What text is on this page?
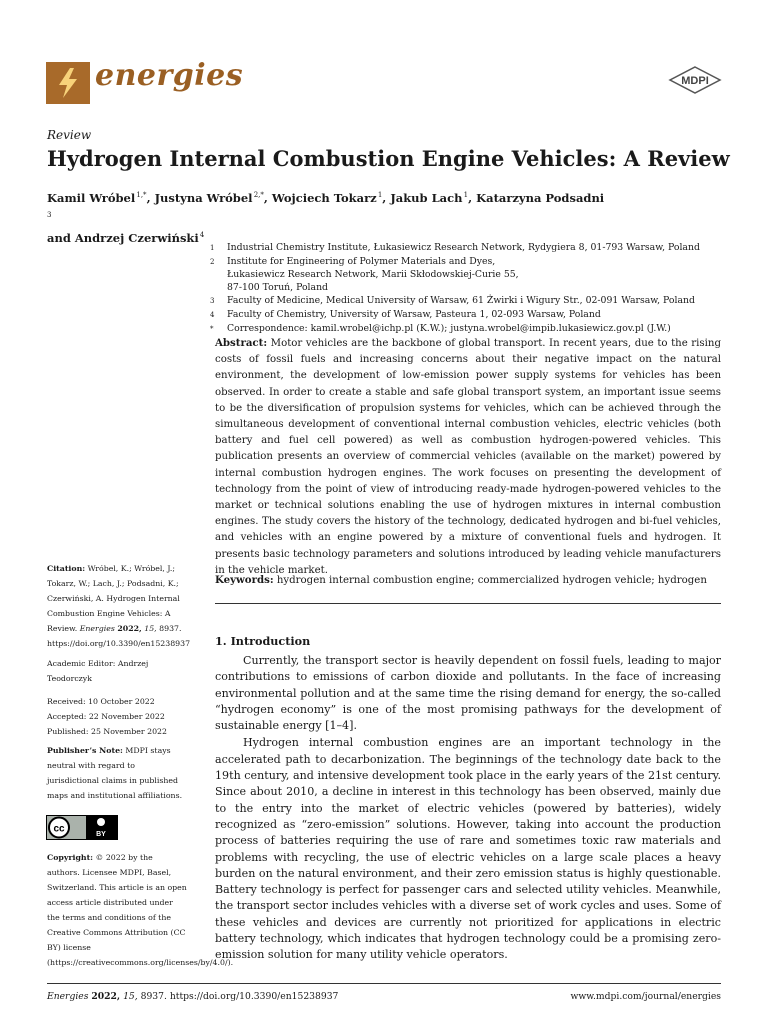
energies	MDPI
Review
Hydrogen Internal Combustion Engine Vehicles: A Review
Kamil Wróbel $^{1,*}$, Justyna Wróbel $^{2,*}$, Wojciech Tokarz $^1$, Jakub Lach $^1$, Katarzyna Podsadni $^3$
and Andrzej Czerwiński $^4$
1	Industrial Chemistry Institute, Łukasiewicz Research Network, Rydygiera 8, 01-793 Warsaw, Poland
2	Institute for Engineering of Polymer Materials and Dyes, Łukasiewicz Research Network, Marii Skłodowskiej-Curie 55, 87-100 Toruń, Poland
3	Faculty of Medicine, Medical University of Warsaw, 61 Żwirki i Wigury Str., 02-091 Warsaw, Poland
4	Faculty of Chemistry, University of Warsaw, Pasteura 1, 02-093 Warsaw, Poland
*	Correspondence: kamil.wrobel@ichp.pl (K.W.); justyna.wrobel@impib.lukasiewicz.gov.pl (J.W.)
Abstract: Motor vehicles are the backbone of global transport. In recent years, due to the rising costs of fossil fuels and increasing concerns about their negative impact on the natural environment, the development of low-emission power supply systems for vehicles has been observed. In order to create a stable and safe global transport system, an important issue seems to be the diversification of propulsion systems for vehicles, which can be achieved through the simultaneous development of conventional internal combustion vehicles, electric vehicles (both battery and fuel cell powered) as well as combustion hydrogen-powered vehicles. This publication presents an overview of commercial vehicles (available on the market) powered by internal combustion hydrogen engines. The work focuses on presenting the development of technology from the point of view of introducing ready-made hydrogen-powered vehicles to the market or technical solutions enabling the use of hydrogen mixtures in internal combustion engines. The study covers the history of the technology, dedicated hydrogen and bi-fuel vehicles, and vehicles with an engine powered by a mixture of conventional fuels and hydrogen. It presents basic technology parameters and solutions introduced by leading vehicle manufacturers in the vehicle market.
Keywords: hydrogen internal combustion engine; commercialized hydrogen vehicle; hydrogen
1. Introduction

Currently, the transport sector is heavily dependent on fossil fuels, leading to major contributions to emissions of carbon dioxide and pollutants. In the face of increasing environmental pollution and at the same time the rising demand for energy, the so-called “hydrogen economy” is one of the most promising pathways for the development of sustainable energy [1–4].

Hydrogen internal combustion engines are an important technology in the accelerated path to decarbonization. The beginnings of the technology date back to the 19th century, and intensive development took place in the early years of the 21st century. Since about 2010, a decline in interest in this technology has been observed, mainly due to the entry into the market of electric vehicles (powered by batteries), widely recognized as “zero-emission” solutions. However, taking into account the production process of batteries requiring the use of rare and sometimes toxic raw materials and problems with recycling, the use of electric vehicles on a large scale places a heavy burden on the natural environment, and their zero emission status is highly questionable. Battery technology is perfect for passenger cars and selected utility vehicles. Meanwhile, the transport sector includes vehicles with a diverse set of work cycles and uses. Some of these vehicles and devices are currently not prioritized for applications in electric battery technology, which indicates that hydrogen technology could be a promising zero-emission solution for many utility vehicle operators.

Citation: Wróbel, K.; Wróbel, J.; Tokarz, W.; Lach, J.; Podsadni, K.; Czerwiński, A. Hydrogen Internal Combustion Engine Vehicles: A Review. Energies 2022, 15, 8937. https://doi.org/10.3390/en15238937
Academic Editor: Andrzej Teodorczyk
Received: 10 October 2022
Accepted: 22 November 2022
Published: 25 November 2022
Publisher’s Note: MDPI stays neutral with regard to jurisdictional claims in published maps and institutional affiliations.
cc	BY
Copyright: © 2022 by the authors. Licensee MDPI, Basel, Switzerland. This article is an open access article distributed under the terms and conditions of the Creative Commons Attribution (CC BY) license (https://creativecommons.org/licenses/by/4.0/).
Energies 2022, 15, 8937. https://doi.org/10.3390/en15238937	www.mdpi.com/journal/energies
